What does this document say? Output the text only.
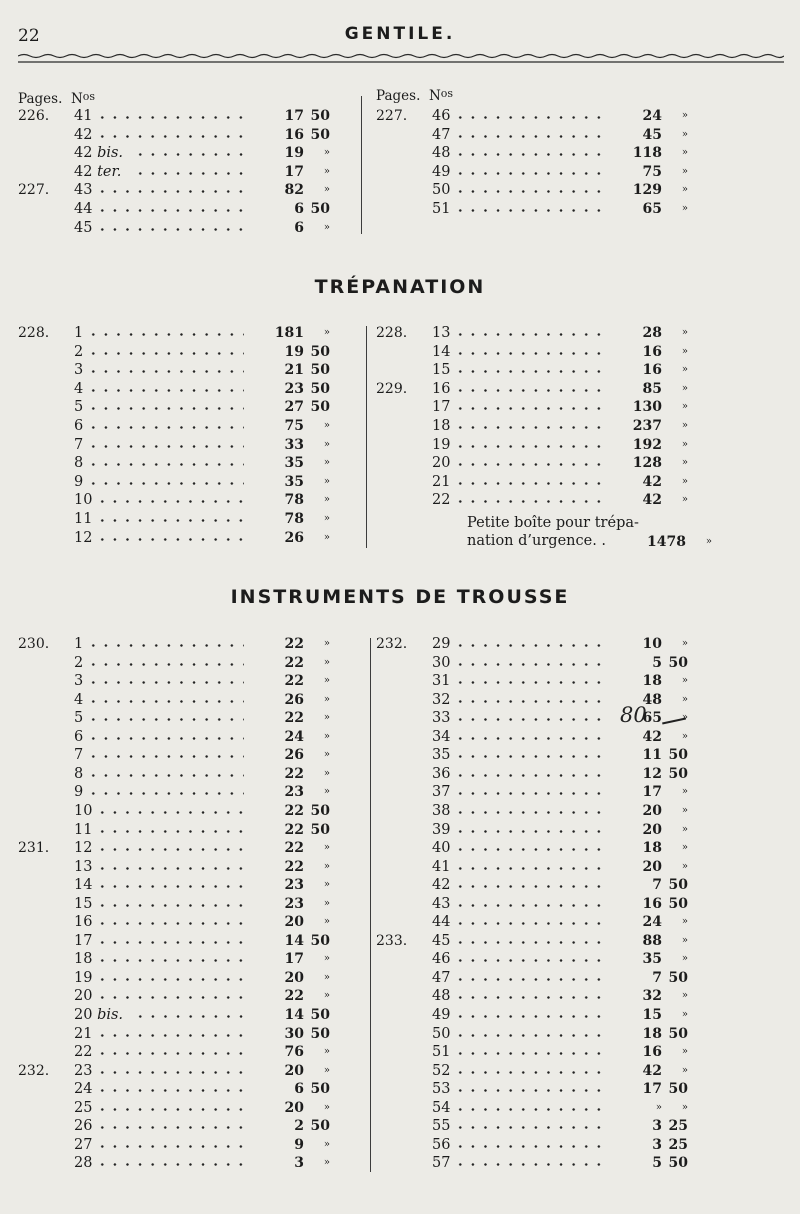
22	GENTILE.
Pages. $N^{os}$	Pages. $N^{os}$
TRÉPANATION
INSTRUMENTS DE TROUSSE
Petite boîte pour trépa-
nation d’urgence. .	1478	»
80
226.	41	17 50
42	16 50
42 bis.	19	»
42 ter.	17	»
227.	43	82	»
44	6 50
45	6	»
227.	46	24	»
47	45	»
48	118	»
49	75	»
50	129	»
51	65	»
228.	1	181	»
2	19 50
3	21 50
4	23 50
5	27 50
6	75	»
7	33	»
8	35	»
9	35	»
10	78	»
11	78	»
12	26	»
228.	13	28	»
14	16	»
15	16	»
229.	16	85	»
17	130	»
18	237	»
19	192	»
20	128	»
21	42	»
22	42	»
230.	1	22	»
2	22	»
3	22	»
4	26	»
5	22	»
6	24	»
7	26	»
8	22	»
9	23	»
10	22 50
11	22 50
231.	12	22	»
13	22	»
14	23	»
15	23	»
16	20	»
17	14 50
18	17	»
19	20	»
20	22	»
20 bis.	14 50
21	30 50
22	76	»
232.	23	20	»
24	6 50
25	20	»
26	2 50
27	9	»
28	3	»
232.	29	10	»
30	5 50
31	18	»
32	48	»
33	65	»
34	42	»
35	11 50
36	12 50
37	17	»
38	20	»
39	20	»
40	18	»
41	20	»
42	7 50
43	16 50
44	24	»
233.	45	88	»
46	35	»
47	7 50
48	32	»
49	15	»
50	18 50
51	16	»
52	42	»
53	17 50
54	»	»
55	3 25
56	3 25
57	5 50
